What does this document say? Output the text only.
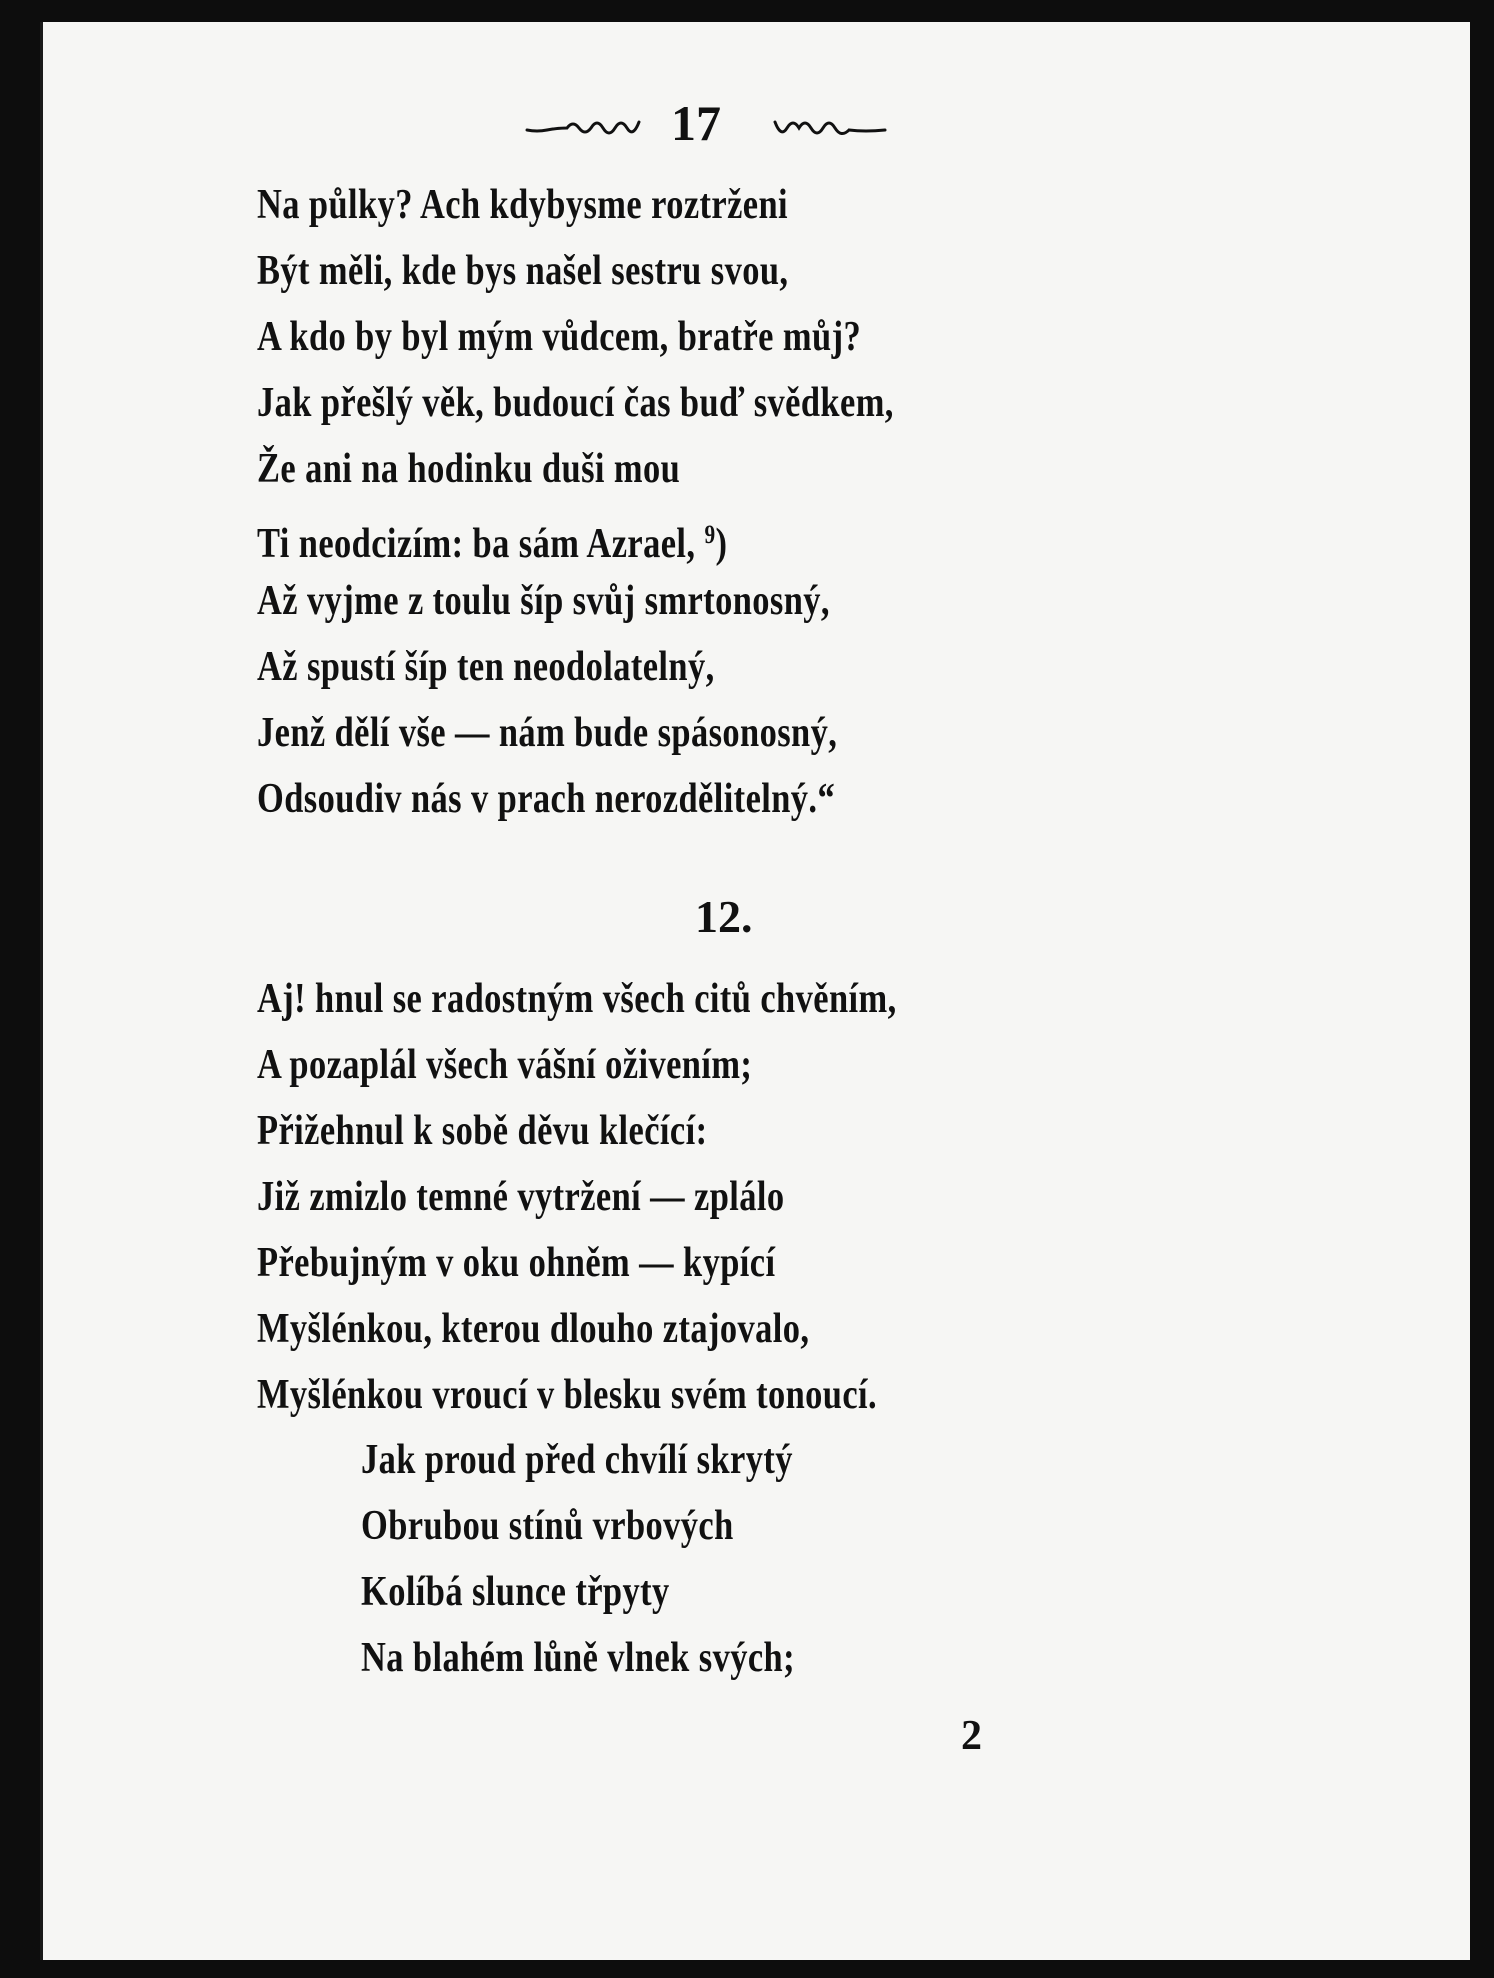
17
Na půlky? Ach kdybysme roztrženi
Být měli, kde bys našel sestru svou,
A kdo by byl mým vůdcem, bratře můj?
Jak přešlý věk, budoucí čas buď svědkem,
Že ani na hodinku duši mou
Ti neodcizím: ba sám Azrael, $^9$)
Až vyjme z toulu šíp svůj smrtonosný,
Až spustí šíp ten neodolatelný,
Jenž dělí vše — nám bude spásonosný,
Odsoudiv nás v prach nerozdělitelný.“
12.
Aj! hnul se radostným všech citů chvěním,
A pozaplál všech vášní oživením;
Přižehnul k sobě děvu klečící:
Již zmizlo temné vytržení — zplálo
Přebujným v oku ohněm — kypící
Myšlénkou, kterou dlouho ztajovalo,
Myšlénkou vroucí v blesku svém tonoucí.
Jak proud před chvílí skrytý
Obrubou stínů vrbových
Kolíbá slunce třpyty
Na blahém lůně vlnek svých;
2
